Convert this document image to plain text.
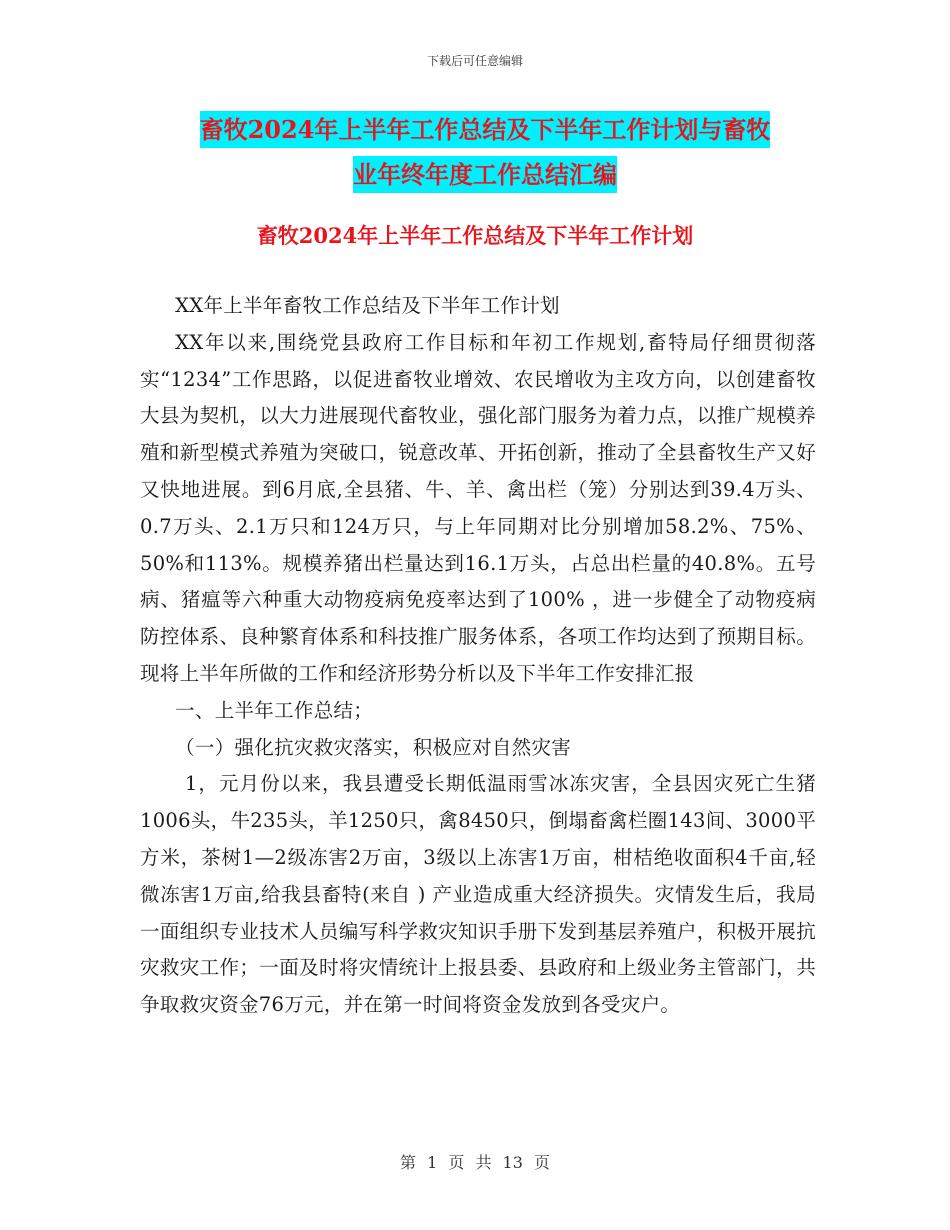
下载后可任意编辑
畜牧2024年上半年工作总结及下半年工作计划与畜牧
业年终年度工作总结汇编
畜牧2024年上半年工作总结及下半年工作计划

XX年上半年畜牧工作总结及下半年工作计划

XX年以来,围绕党县政府工作目标和年初工作规划,畜特局仔细贯彻落实“1234”工作思路，以促进畜牧业增效、农民增收为主攻方向，以创建畜牧大县为契机，以大力进展现代畜牧业，强化部门服务为着力点，以推广规模养殖和新型模式养殖为突破口，锐意改革、开拓创新，推动了全县畜牧生产又好又快地进展。到6月底,全县猪、牛、羊、禽出栏（笼）分别达到39.4万头、0.7万头、2.1万只和124万只，与上年同期对比分别增加58.2%、75%、50%和113%。规模养猪出栏量达到16.1万头，占总出栏量的40.8%。五号病、猪瘟等六种重大动物疫病免疫率达到了100% ，进一步健全了动物疫病防控体系、良种繁育体系和科技推广服务体系，各项工作均达到了预期目标。现将上半年所做的工作和经济形势分析以及下半年工作安排汇报

一、上半年工作总结；

（一）强化抗灾救灾落实，积极应对自然灾害

1，元月份以来，我县遭受长期低温雨雪冰冻灾害，全县因灾死亡生猪1006头，牛235头，羊1250只，禽8450只，倒塌畜禽栏圈143间、3000平方米，茶树1—2级冻害2万亩，3级以上冻害1万亩，柑桔绝收面积4千亩,轻微冻害1万亩,给我县畜特(来自 ) 产业造成重大经济损失。灾情发生后，我局一面组织专业技术人员编写科学救灾知识手册下发到基层养殖户，积极开展抗灾救灾工作；一面及时将灾情统计上报县委、县政府和上级业务主管部门，共争取救灾资金76万元，并在第一时间将资金发放到各受灾户。

第 1 页 共 13 页
